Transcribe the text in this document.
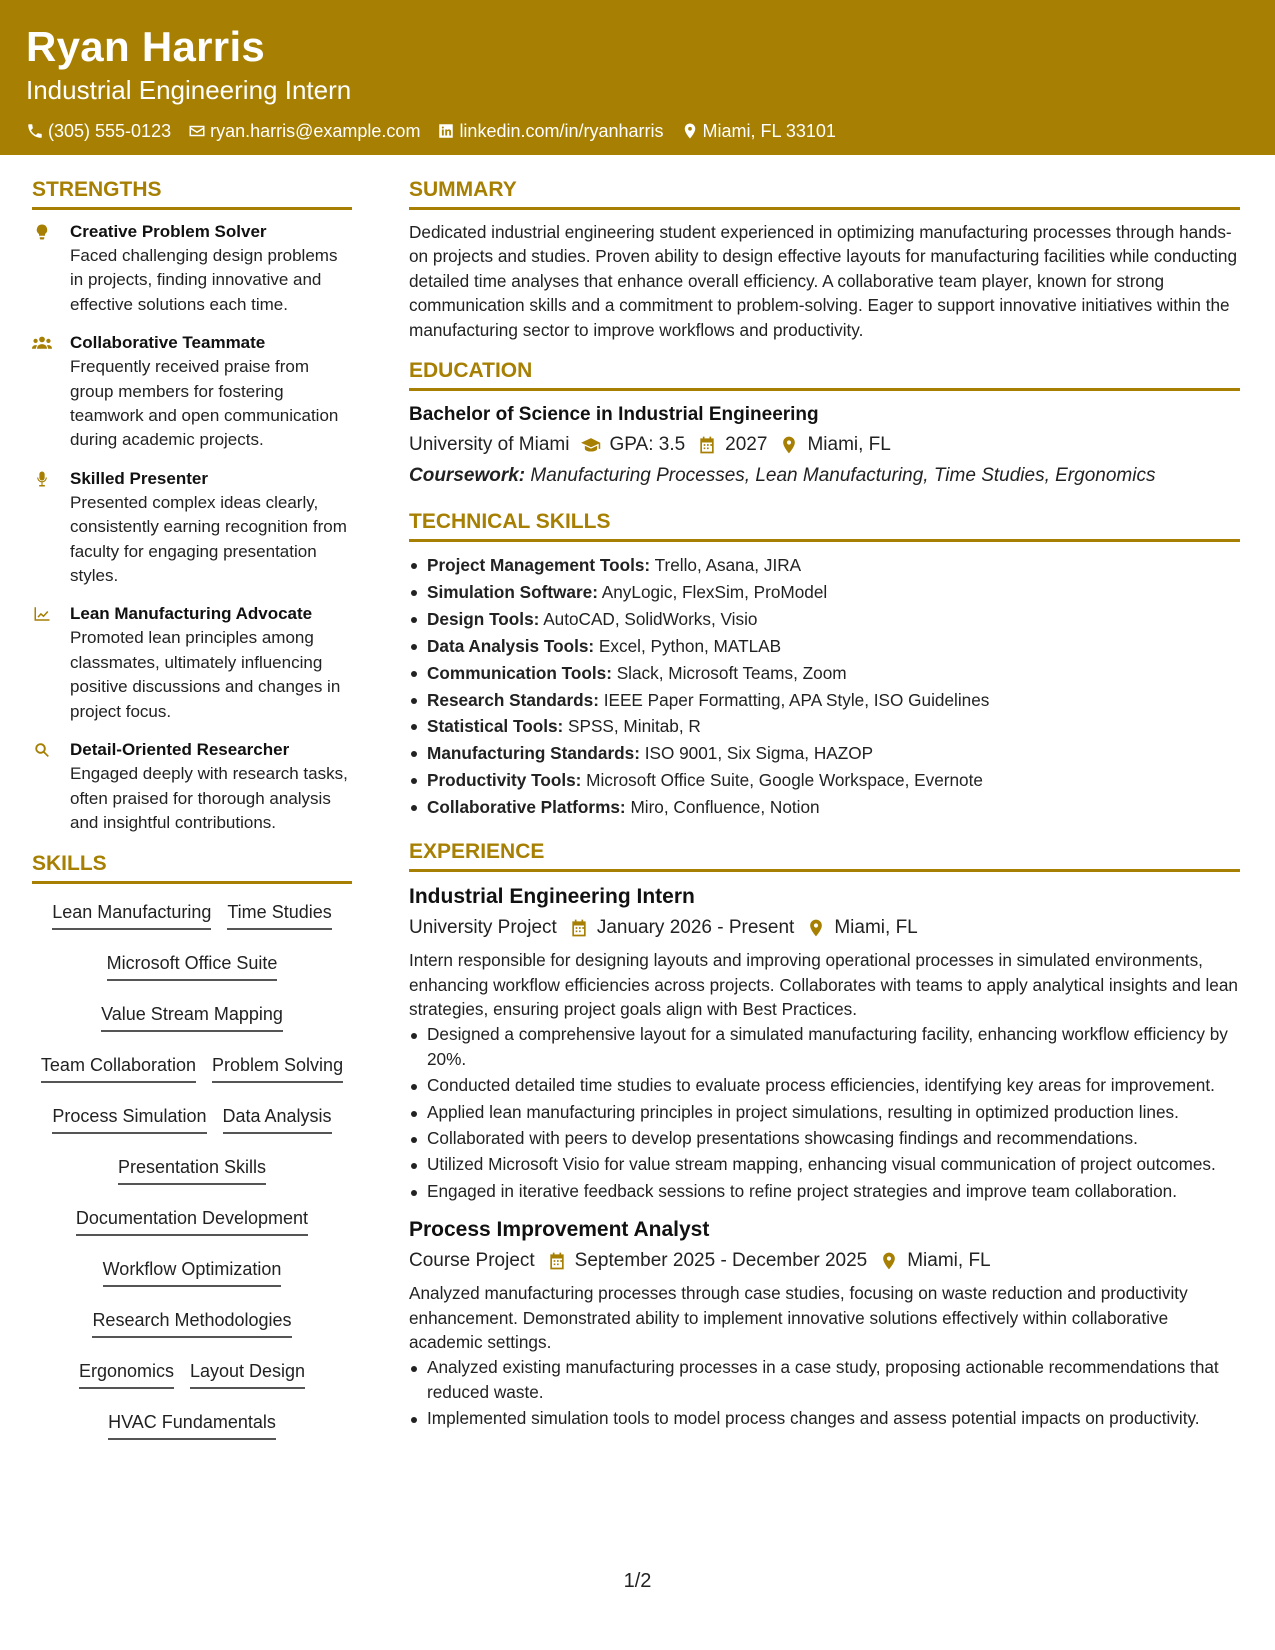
Ryan Harris
Industrial Engineering Intern
(305) 555-0123 ryan.harris@example.com linkedin.com/in/ryanharris Miami, FL 33101
STRENGTHS
Creative Problem Solver
Faced challenging design problems in projects, finding innovative and effective solutions each time.
Collaborative Teammate
Frequently received praise from group members for fostering teamwork and open communication during academic projects.
Skilled Presenter
Presented complex ideas clearly, consistently earning recognition from faculty for engaging presentation styles.
Lean Manufacturing Advocate
Promoted lean principles among classmates, ultimately influencing positive discussions and changes in project focus.
Detail-Oriented Researcher
Engaged deeply with research tasks, often praised for thorough analysis and insightful contributions.
SKILLS
Lean Manufacturing Time Studies
Microsoft Office Suite
Value Stream Mapping
Team Collaboration Problem Solving
Process Simulation Data Analysis
Presentation Skills
Documentation Development
Workflow Optimization
Research Methodologies
Ergonomics Layout Design
HVAC Fundamentals
SUMMARY
Dedicated industrial engineering student experienced in optimizing manufacturing processes through hands-on projects and studies. Proven ability to design effective layouts for manufacturing facilities while conducting detailed time analyses that enhance overall efficiency. A collaborative team player, known for strong communication skills and a commitment to problem-solving. Eager to support innovative initiatives within the manufacturing sector to improve workflows and productivity.
EDUCATION
Bachelor of Science in Industrial Engineering
University of Miami GPA: 3.5 2027 Miami, FL
Coursework: Manufacturing Processes, Lean Manufacturing, Time Studies, Ergonomics
TECHNICAL SKILLS
Project Management Tools: Trello, Asana, JIRA
Simulation Software: AnyLogic, FlexSim, ProModel
Design Tools: AutoCAD, SolidWorks, Visio
Data Analysis Tools: Excel, Python, MATLAB
Communication Tools: Slack, Microsoft Teams, Zoom
Research Standards: IEEE Paper Formatting, APA Style, ISO Guidelines
Statistical Tools: SPSS, Minitab, R
Manufacturing Standards: ISO 9001, Six Sigma, HAZOP
Productivity Tools: Microsoft Office Suite, Google Workspace, Evernote
Collaborative Platforms: Miro, Confluence, Notion
EXPERIENCE
Industrial Engineering Intern
University Project January 2026 - Present Miami, FL
Intern responsible for designing layouts and improving operational processes in simulated environments, enhancing workflow efficiencies across projects. Collaborates with teams to apply analytical insights and lean strategies, ensuring project goals align with Best Practices.
Designed a comprehensive layout for a simulated manufacturing facility, enhancing workflow efficiency by 20%.
Conducted detailed time studies to evaluate process efficiencies, identifying key areas for improvement.
Applied lean manufacturing principles in project simulations, resulting in optimized production lines.
Collaborated with peers to develop presentations showcasing findings and recommendations.
Utilized Microsoft Visio for value stream mapping, enhancing visual communication of project outcomes.
Engaged in iterative feedback sessions to refine project strategies and improve team collaboration.
Process Improvement Analyst
Course Project September 2025 - December 2025 Miami, FL
Analyzed manufacturing processes through case studies, focusing on waste reduction and productivity enhancement. Demonstrated ability to implement innovative solutions effectively within collaborative academic settings.
Analyzed existing manufacturing processes in a case study, proposing actionable recommendations that reduced waste.
Implemented simulation tools to model process changes and assess potential impacts on productivity.
1/2
